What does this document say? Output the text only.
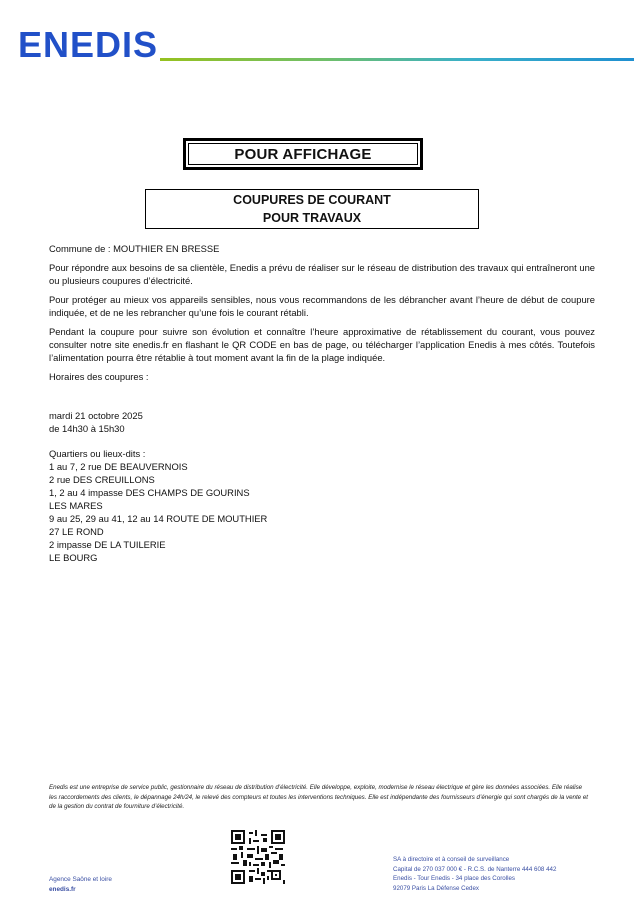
ENEDIS
POUR AFFICHAGE
COUPURES DE COURANT
POUR TRAVAUX

Commune de : MOUTHIER EN BRESSE

Pour répondre aux besoins de sa clientèle, Enedis a prévu de réaliser sur le réseau de distribution des travaux qui entraîneront une ou plusieurs coupures d’électricité.

Pour protéger au mieux vos appareils sensibles, nous vous recommandons de les débrancher avant l’heure de début de coupure indiquée, et de ne les rebrancher qu’une fois le courant rétabli.

Pendant la coupure pour suivre son évolution et connaître l’heure approximative de rétablissement du courant, vous pouvez consulter notre site enedis.fr en flashant le QR CODE en bas de page, ou télécharger l’application Enedis à mes côtés. Toutefois l’alimentation pourra être rétablie à tout moment avant la fin de la plage indiquée.

Horaires des coupures :

mardi 21 octobre 2025
de 14h30 à 15h30
Quartiers ou lieux-dits :
1 au 7, 2 rue DE BEAUVERNOIS
2 rue DES CREUILLONS
1, 2 au 4 impasse DES CHAMPS DE GOURINS
LES MARES
9 au 25, 29 au 41, 12 au 14 ROUTE DE MOUTHIER
27 LE ROND
2 impasse DE LA TUILERIE
LE BOURG
Enedis est une entreprise de service public, gestionnaire du réseau de distribution d’électricité. Elle développe, exploite, modernise le réseau électrique et gère les données associées. Elle réalise les raccordements des clients, le dépannage 24h/24, le relevé des compteurs et toutes les interventions techniques. Elle est indépendante des fournisseurs d’énergie qui sont chargés de la vente et de la gestion du contrat de fourniture d’électricité.
Agence Saône et loire
enedis.fr
SA à directoire et à conseil de surveillance
Capital de 270 037 000 € - R.C.S. de Nanterre 444 608 442
Enedis - Tour Enedis - 34 place des Corolles
92079 Paris La Défense Cedex
